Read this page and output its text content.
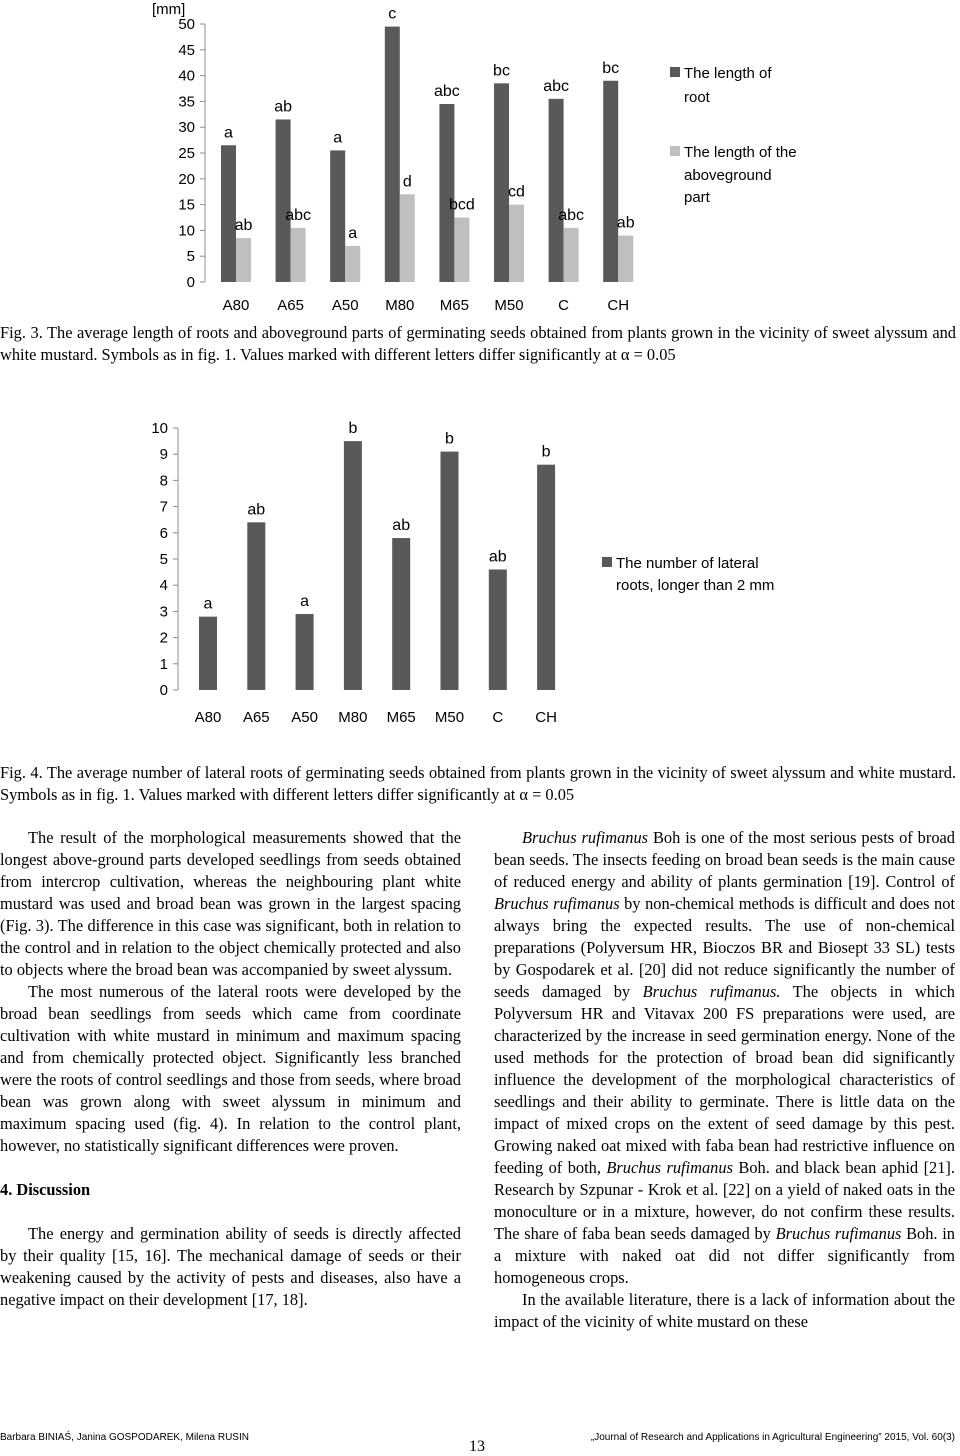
[mm]
0
5
10
15
20
25
30
35
40
45
50
a
ab
a
c
abc
bc
abc
bc
ab
abc
a
d
bcd
cd
abc ab
A80 A65 A50 M80 M65 M50 C	CH
The length of
root
The length of the
aboveground
part

Fig. 3. The average length of roots and aboveground parts of germinating seeds obtained from plants grown in the vicinity of sweet alyssum and white mustard. Symbols as in fig. 1. Values marked with different letters differ significantly at α = 0.05

0
1
2
3
4
5
6
7
8
9
10
a
ab
a
b
ab
b
ab
b
A80 A65 A50 M80 M65 M50 C CH
The number of lateral
roots, longer than 2 mm

Fig. 4. The average number of lateral roots of germinating seeds obtained from plants grown in the vicinity of sweet alyssum and white mustard. Symbols as in fig. 1. Values marked with different letters differ significantly at α = 0.05

The result of the morphological measurements showed that the longest above-ground parts developed seedlings from seeds obtained from intercrop cultivation, whereas the neighbouring plant white mustard was used and broad bean was grown in the largest spacing (Fig. 3). The difference in this case was significant, both in relation to the control and in relation to the object chemically protected and also to objects where the broad bean was accompanied by sweet alyssum.

The most numerous of the lateral roots were developed by the broad bean seedlings from seeds which came from coordinate cultivation with white mustard in minimum and maximum spacing and from chemically protected object. Significantly less branched were the roots of control seedlings and those from seeds, where broad bean was grown along with sweet alyssum in minimum and maximum spacing used (fig. 4). In relation to the control plant, however, no statistically significant differences were proven.

4. Discussion

The energy and germination ability of seeds is directly affected by their quality [15, 16]. The mechanical damage of seeds or their weakening caused by the activity of pests and diseases, also have a negative impact on their development [17, 18].

Bruchus rufimanus Boh is one of the most serious pests of broad bean seeds. The insects feeding on broad bean seeds is the main cause of reduced energy and ability of plants germination [19]. Control of Bruchus rufimanus by non-chemical methods is difficult and does not always bring the expected results. The use of non-chemical preparations (Polyversum HR, Bioczos BR and Biosept 33 SL) tests by Gospodarek et al. [20] did not reduce significantly the number of seeds damaged by Bruchus rufimanus. The objects in which Polyversum HR and Vitavax 200 FS preparations were used, are characterized by the increase in seed germination energy. None of the used methods for the protection of broad bean did significantly influence the development of the morphological characteristics of seedlings and their ability to germinate. There is little data on the impact of mixed crops on the extent of seed damage by this pest. Growing naked oat mixed with faba bean had restrictive influence on feeding of both, Bruchus rufimanus Boh. and black bean aphid [21]. Research by Szpunar - Krok et al. [22] on a yield of naked oats in the monoculture or in a mixture, however, do not confirm these results. The share of faba bean seeds damaged by Bruchus rufimanus Boh. in a mixture with naked oat did not differ significantly from homogeneous crops.

In the available literature, there is a lack of information about the impact of the vicinity of white mustard on these

Barbara BINIAŚ, Janina GOSPODAREK, Milena RUSIN
13
„Journal of Research and Applications in Agricultural Engineering” 2015, Vol. 60(3)
